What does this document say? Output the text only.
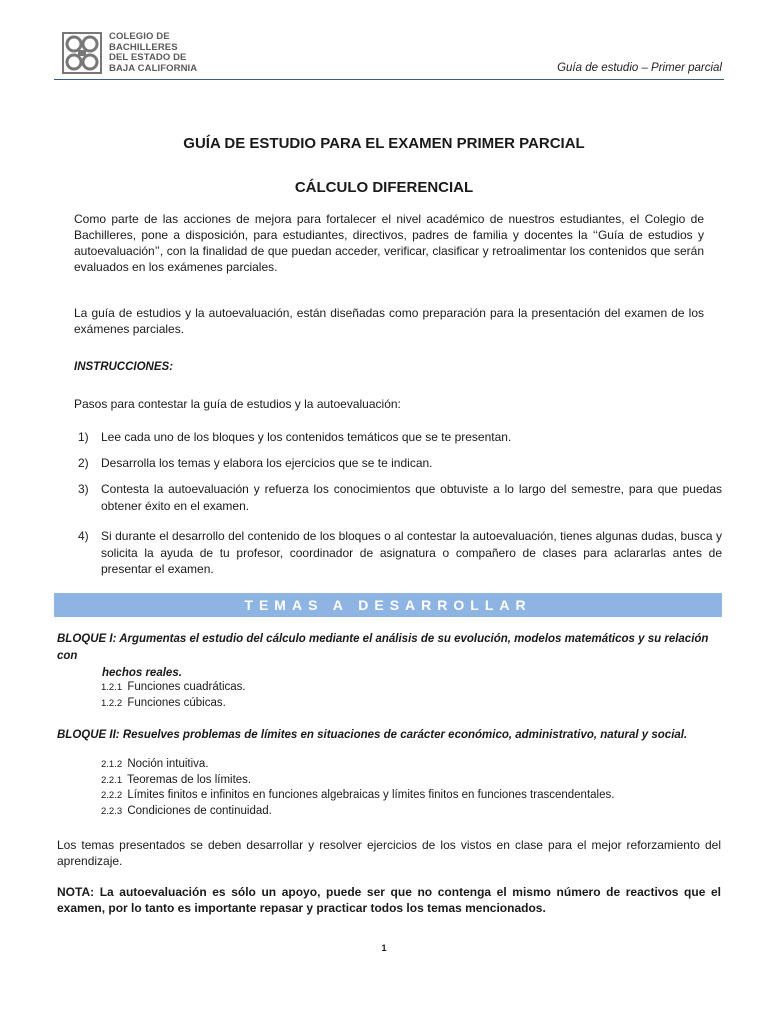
COLEGIO DE
BACHILLERES
DEL ESTADO DE
BAJA CALIFORNIA	Guía de estudio – Primer parcial
GUÍA DE ESTUDIO PARA EL EXAMEN PRIMER PARCIAL
CÁLCULO DIFERENCIAL
Como parte de las acciones de mejora para fortalecer el nivel académico de nuestros estudiantes, el Colegio de Bachilleres, pone a disposición, para estudiantes, directivos, padres de familia y docentes la ‘‘Guía de estudios y autoevaluación’’, con la finalidad de que puedan acceder, verificar, clasificar y retroalimentar los contenidos que serán evaluados en los exámenes parciales.
La guía de estudios y la autoevaluación, están diseñadas como preparación para la presentación del examen de los exámenes parciales.
INSTRUCCIONES:
Pasos para contestar la guía de estudios y la autoevaluación:
1) Lee cada uno de los bloques y los contenidos temáticos que se te presentan.
2) Desarrolla los temas y elabora los ejercicios que se te indican.
3) Contesta la autoevaluación y refuerza los conocimientos que obtuviste a lo largo del semestre, para que puedas obtener éxito en el examen.
4) Si durante el desarrollo del contenido de los bloques o al contestar la autoevaluación, tienes algunas dudas, busca y solicita la ayuda de tu profesor, coordinador de asignatura o compañero de clases para aclararlas antes de presentar el examen.
TEMAS A DESARROLLAR
BLOQUE I: Argumentas el estudio del cálculo mediante el análisis de su evolución, modelos matemáticos y su relación con
hechos reales.
1.2.1 Funciones cuadráticas.
1.2.2 Funciones cúbicas.
BLOQUE II: Resuelves problemas de límites en situaciones de carácter económico, administrativo, natural y social.
2.1.2 Noción intuitiva.
2.2.1 Teoremas de los límites.
2.2.2 Límites finitos e infinitos en funciones algebraicas y límites finitos en funciones trascendentales.
2.2.3 Condiciones de continuidad.
Los temas presentados se deben desarrollar y resolver ejercicios de los vistos en clase para el mejor reforzamiento del aprendizaje.
NOTA: La autoevaluación es sólo un apoyo, puede ser que no contenga el mismo número de reactivos que el examen, por lo tanto es importante repasar y practicar todos los temas mencionados.
1
